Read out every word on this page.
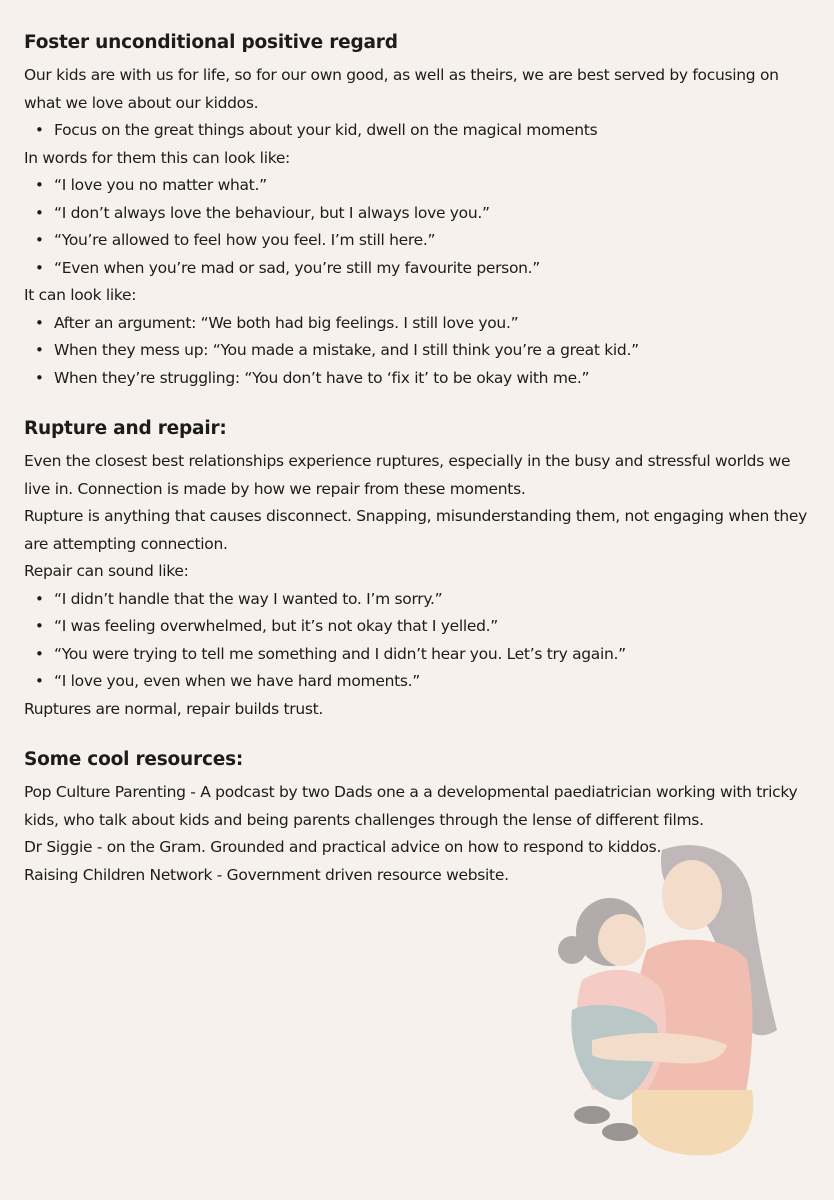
Foster unconditional positive regard

Our kids are with us for life, so for our own good, as well as theirs, we are best served by focusing on what we love about our kiddos.

• Focus on the great things about your kid, dwell on the magical moments

In words for them this can look like:

• “I love you no matter what.”
• “I don’t always love the behaviour, but I always love you.”
• “You’re allowed to feel how you feel. I’m still here.”
• “Even when you’re mad or sad, you’re still my favourite person.”

It can look like:

• After an argument: “We both had big feelings. I still love you.”
• When they mess up: “You made a mistake, and I still think you’re a great kid.”
• When they’re struggling: “You don’t have to ‘fix it’ to be okay with me.”
Rupture and repair:

Even the closest best relationships experience ruptures, especially in the busy and stressful worlds we live in. Connection is made by how we repair from these moments.

Rupture is anything that causes disconnect. Snapping, misunderstanding them, not engaging when they are attempting connection.

Repair can sound like:

• “I didn’t handle that the way I wanted to. I’m sorry.”
• “I was feeling overwhelmed, but it’s not okay that I yelled.”
• “You were trying to tell me something and I didn’t hear you. Let’s try again.”
• “I love you, even when we have hard moments.”

Ruptures are normal, repair builds trust.

Some cool resources:

Pop Culture Parenting - A podcast by two Dads one a a developmental paediatrician working with tricky kids, who talk about kids and being parents challenges through the lense of different films.

Dr Siggie - on the Gram. Grounded and practical advice on how to respond to kiddos.

Raising Children Network - Government driven resource website.
